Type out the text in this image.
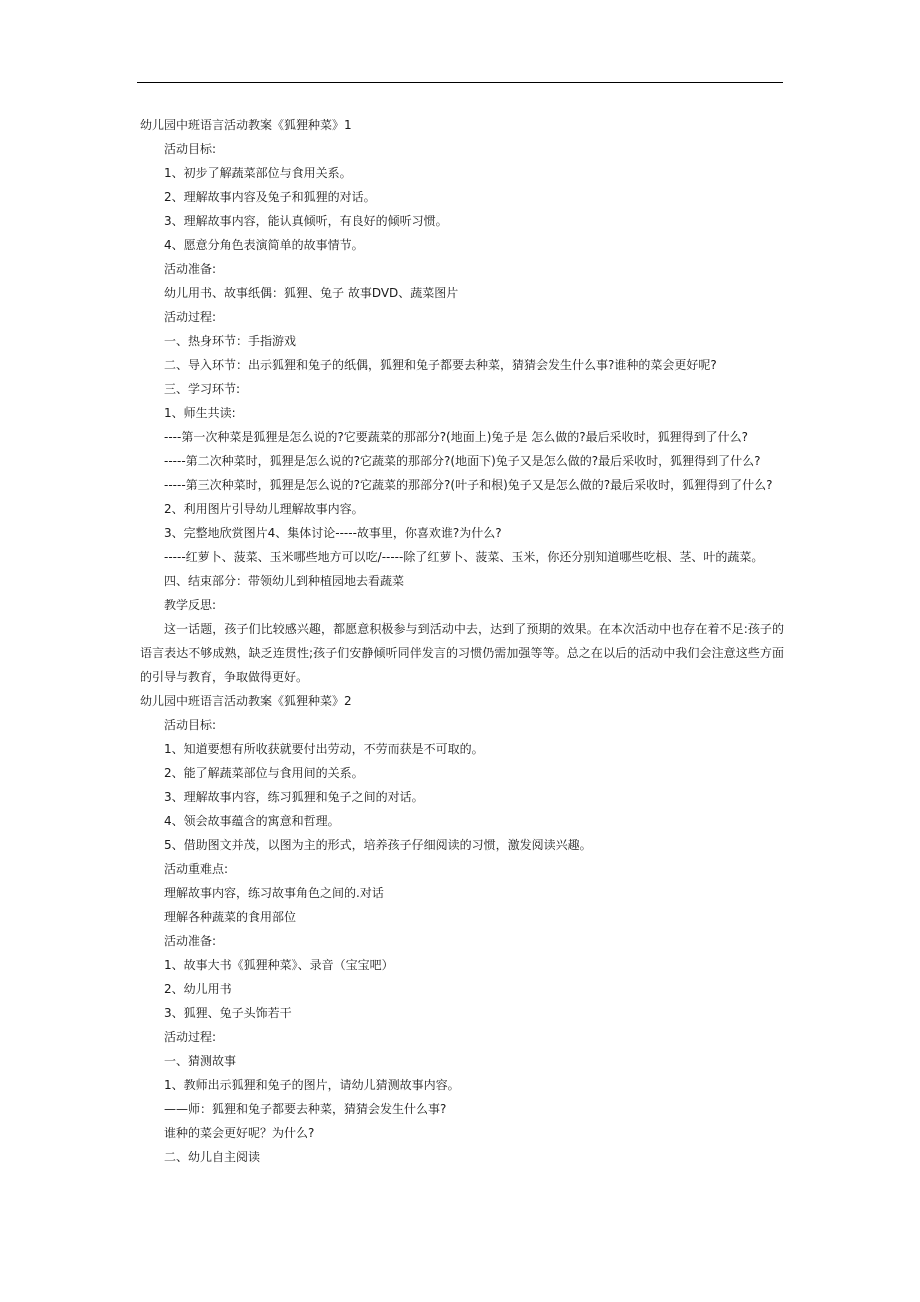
幼儿园中班语言活动教案《狐狸种菜》1
活动目标:
1、初步了解蔬菜部位与食用关系。
2、理解故事内容及兔子和狐狸的对话。
3、理解故事内容，能认真倾听，有良好的倾听习惯。
4、愿意分角色表演简单的故事情节。
活动准备:
幼儿用书、故事纸偶：狐狸、兔子 故事DVD、蔬菜图片
活动过程:
一、热身环节：手指游戏
二、导入环节：出示狐狸和兔子的纸偶，狐狸和兔子都要去种菜，猜猜会发生什么事?谁种的菜会更好呢?
三、学习环节:
1、师生共读:
----第一次种菜是狐狸是怎么说的?它要蔬菜的那部分?(地面上)兔子是 怎么做的?最后采收时，狐狸得到了什么?
-----第二次种菜时，狐狸是怎么说的?它蔬菜的那部分?(地面下)兔子又是怎么做的?最后采收时，狐狸得到了什么?
-----第三次种菜时，狐狸是怎么说的?它蔬菜的那部分?(叶子和根)兔子又是怎么做的?最后采收时，狐狸得到了什么?
2、利用图片引导幼儿理解故事内容。
3、完整地欣赏图片4、集体讨论-----故事里，你喜欢谁?为什么?
-----红萝卜、菠菜、玉米哪些地方可以吃/-----除了红萝卜、菠菜、玉米，你还分别知道哪些吃根、茎、叶的蔬菜。
四、结束部分：带领幼儿到种植园地去看蔬菜
教学反思:
这一话题，孩子们比较感兴趣，都愿意积极参与到活动中去，达到了预期的效果。在本次活动中也存在着不足:孩子的语言表达不够成熟，缺乏连贯性;孩子们安静倾听同伴发言的习惯仍需加强等等。总之在以后的活动中我们会注意这些方面的引导与教育，争取做得更好。
幼儿园中班语言活动教案《狐狸种菜》2
活动目标:
1、知道要想有所收获就要付出劳动，不劳而获是不可取的。
2、能了解蔬菜部位与食用间的关系。
3、理解故事内容，练习狐狸和兔子之间的对话。
4、领会故事蕴含的寓意和哲理。
5、借助图文并茂，以图为主的形式，培养孩子仔细阅读的习惯，激发阅读兴趣。
活动重难点:
理解故事内容，练习故事角色之间的.对话
理解各种蔬菜的食用部位
活动准备:
1、故事大书《狐狸种菜》、录音（宝宝吧）
2、幼儿用书
3、狐狸、兔子头饰若干
活动过程:
一、猜测故事
1、教师出示狐狸和兔子的图片，请幼儿猜测故事内容。
——师：狐狸和兔子都要去种菜，猜猜会发生什么事?
谁种的菜会更好呢？为什么?
二、幼儿自主阅读
